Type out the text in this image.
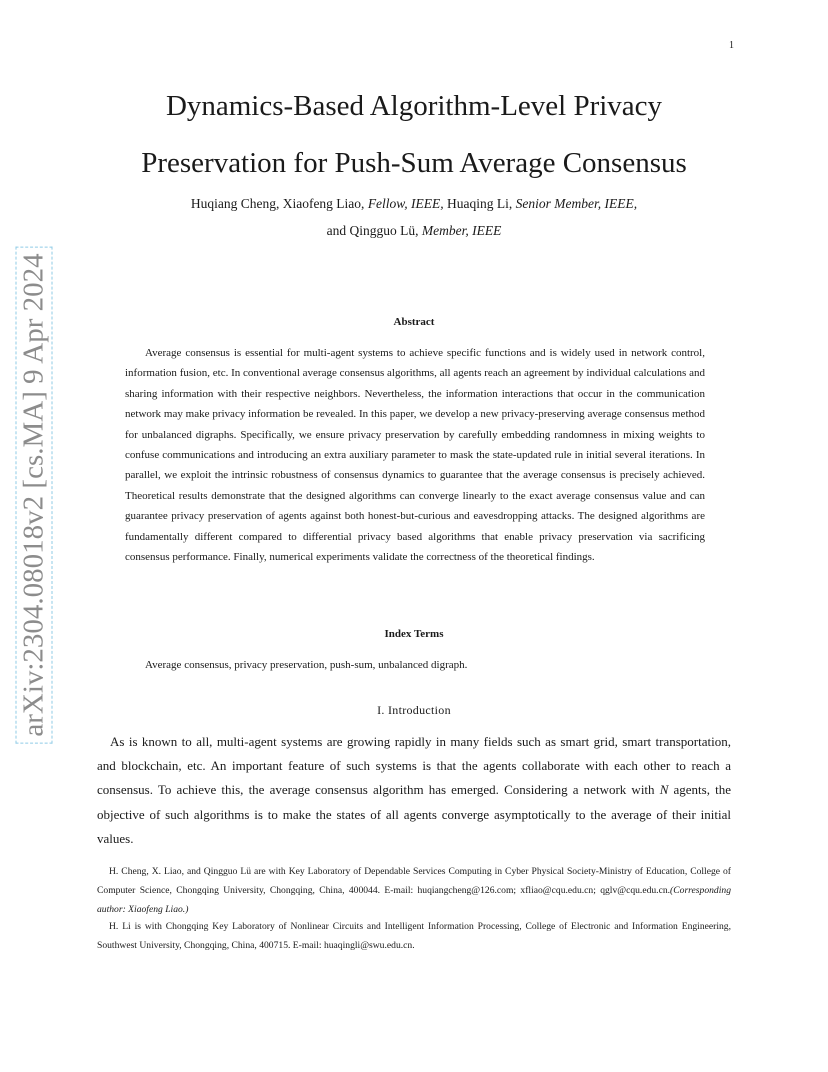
1
arXiv:2304.08018v2 [cs.MA] 9 Apr 2024
Dynamics-Based Algorithm-Level Privacy
Preservation for Push-Sum Average Consensus
Huqiang Cheng, Xiaofeng Liao, Fellow, IEEE, Huaqing Li, Senior Member, IEEE,
and Qingguo Lü, Member, IEEE
Abstract

Average consensus is essential for multi-agent systems to achieve specific functions and is widely used in network control, information fusion, etc. In conventional average consensus algorithms, all agents reach an agreement by individual calculations and sharing information with their respective neighbors. Nevertheless, the information interactions that occur in the communication network may make privacy information be revealed. In this paper, we develop a new privacy-preserving average consensus method for unbalanced digraphs. Specifically, we ensure privacy preservation by carefully embedding randomness in mixing weights to confuse communications and introducing an extra auxiliary parameter to mask the state-updated rule in initial several iterations. In parallel, we exploit the intrinsic robustness of consensus dynamics to guarantee that the average consensus is precisely achieved. Theoretical results demonstrate that the designed algorithms can converge linearly to the exact average consensus value and can guarantee privacy preservation of agents against both honest-but-curious and eavesdropping attacks. The designed algorithms are fundamentally different compared to differential privacy based algorithms that enable privacy preservation via sacrificing consensus performance. Finally, numerical experiments validate the correctness of the theoretical findings.

Index Terms
Average consensus, privacy preservation, push-sum, unbalanced digraph.
I. Introduction

As is known to all, multi-agent systems are growing rapidly in many fields such as smart grid, smart transportation, and blockchain, etc. An important feature of such systems is that the agents collaborate with each other to reach a consensus. To achieve this, the average consensus algorithm has emerged. Considering a network with N agents, the objective of such algorithms is to make the states of all agents converge asymptotically to the average of their initial values.

H. Cheng, X. Liao, and Qingguo Lü are with Key Laboratory of Dependable Services Computing in Cyber Physical Society-Ministry of Education, College of Computer Science, Chongqing University, Chongqing, China, 400044. E-mail: huqiangcheng@126.com; xfliao@cqu.edu.cn; qglv@cqu.edu.cn.(Corresponding author: Xiaofeng Liao.)

H. Li is with Chongqing Key Laboratory of Nonlinear Circuits and Intelligent Information Processing, College of Electronic and Information Engineering, Southwest University, Chongqing, China, 400715. E-mail: huaqingli@swu.edu.cn.
